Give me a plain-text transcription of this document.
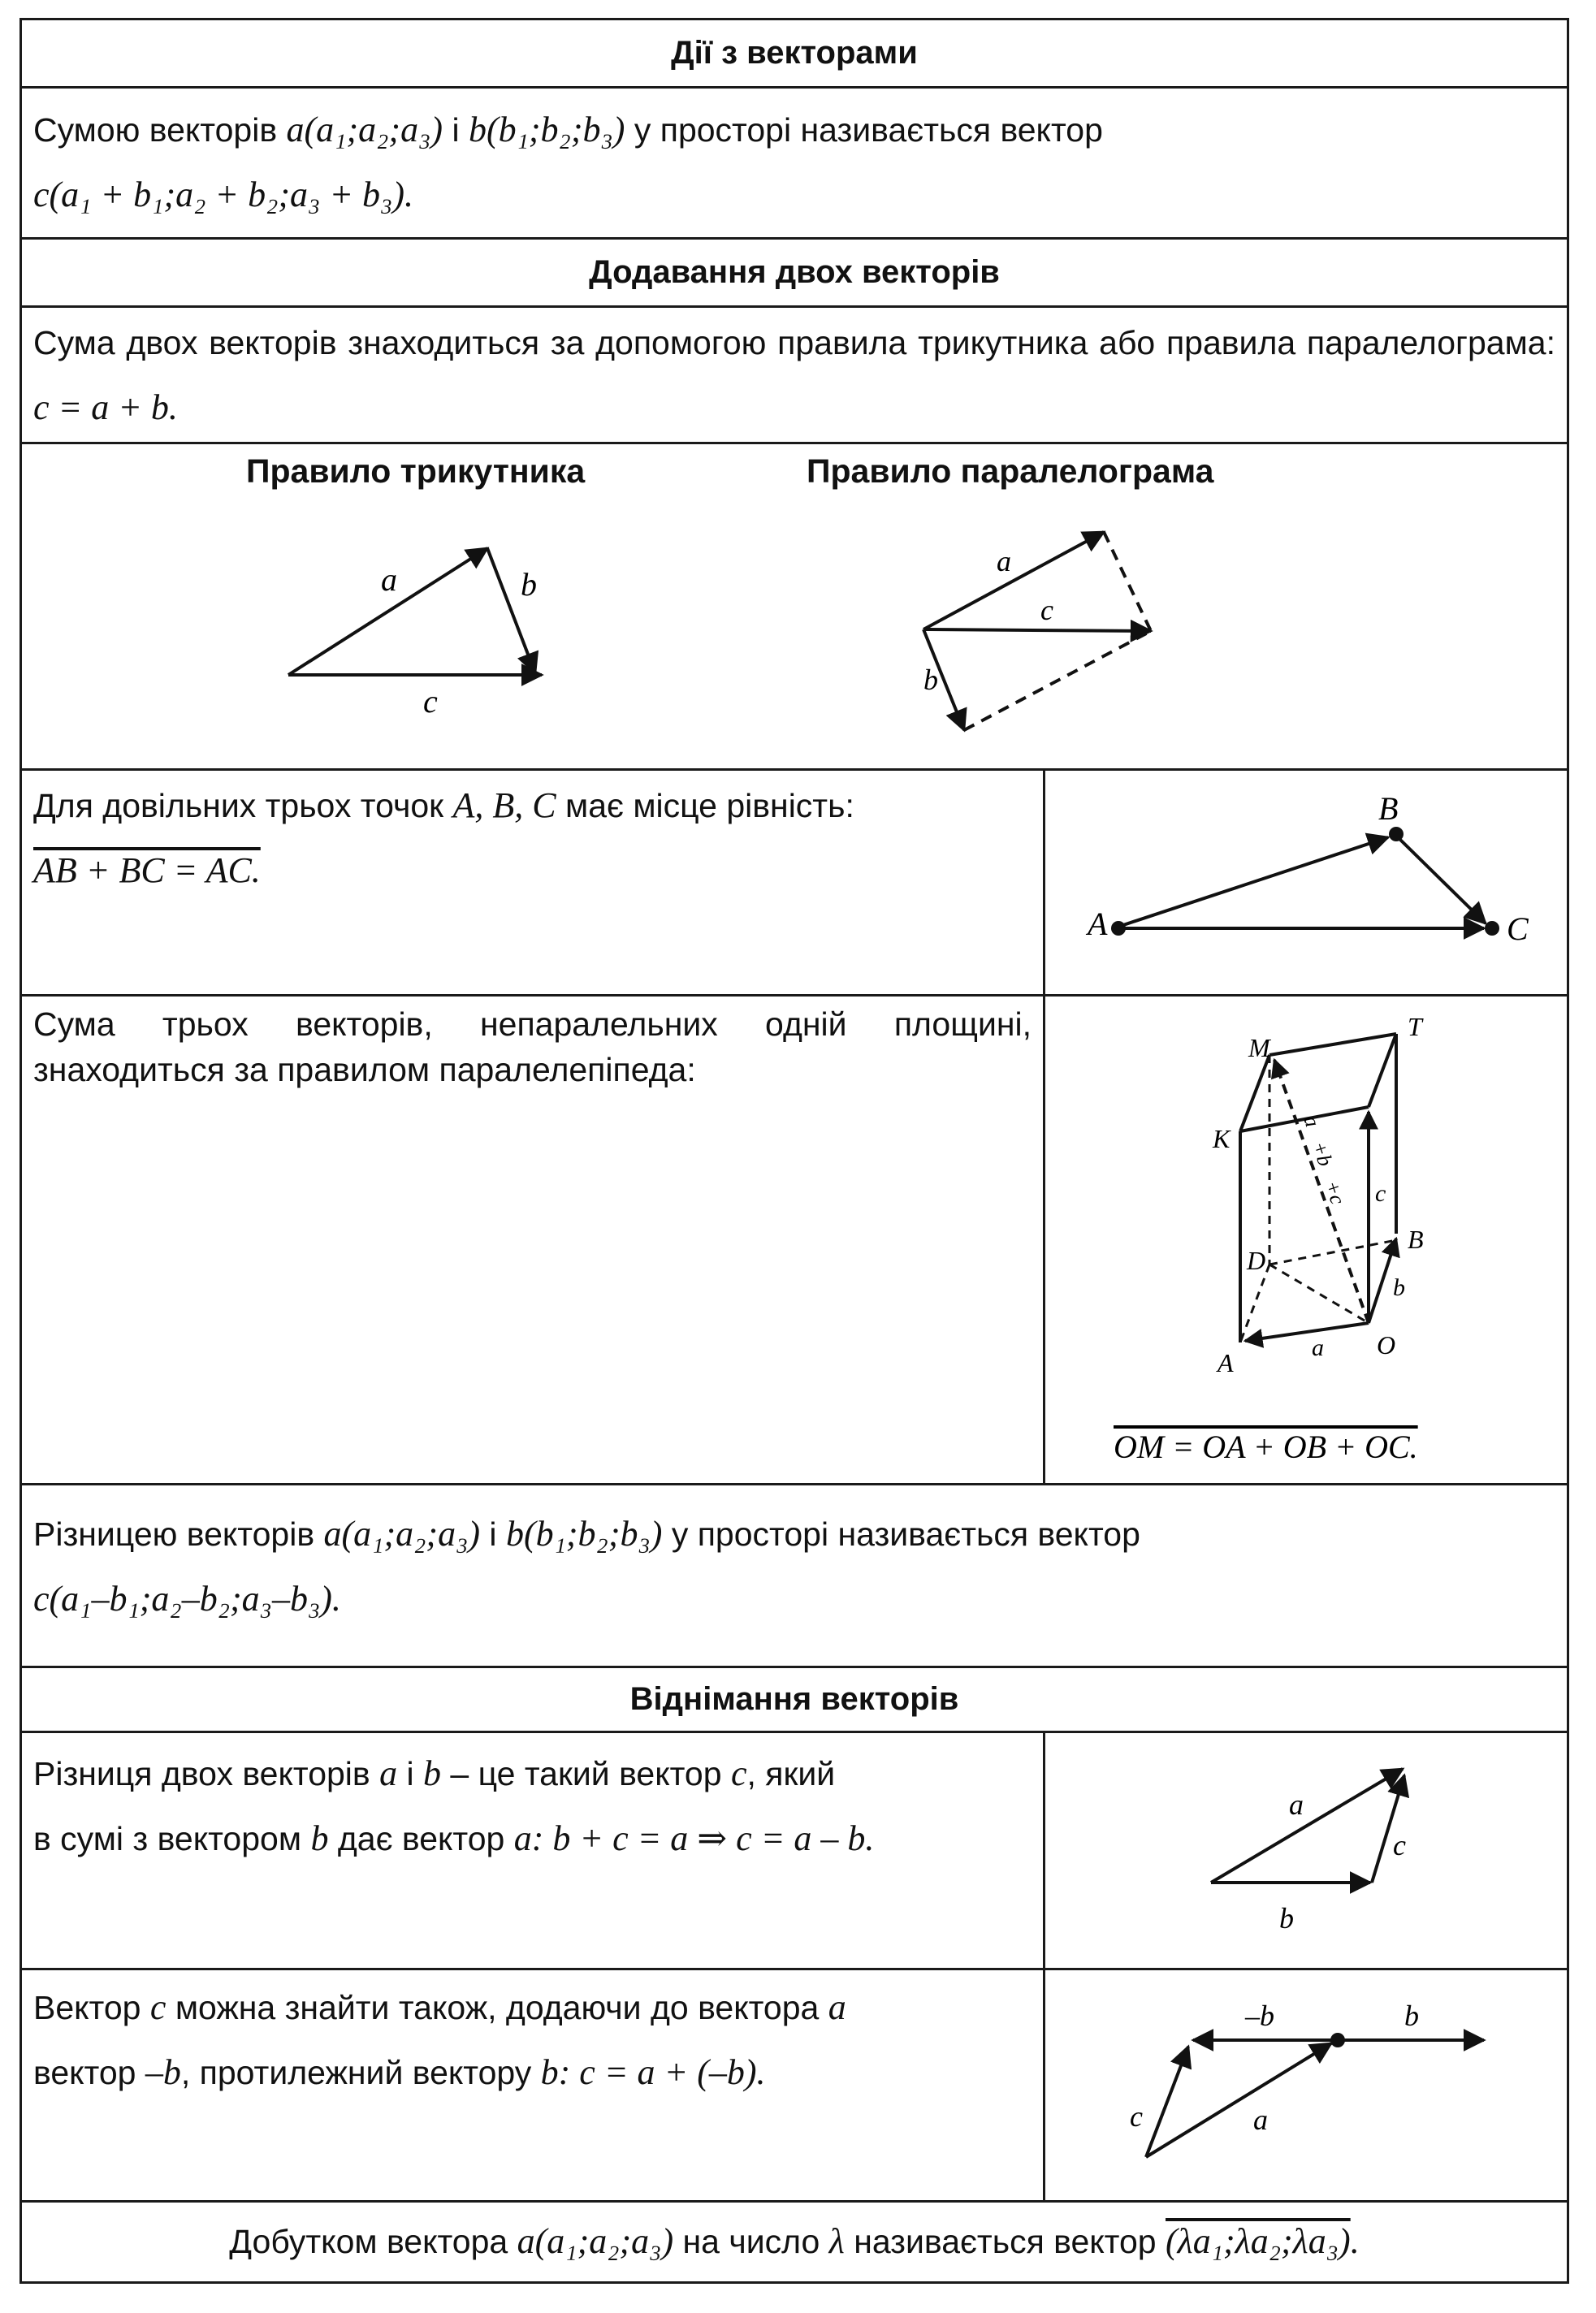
Дії з векторами
Сумою векторів a(a₁;a₂;a₃) і b(b₁;b₂;b₃) у просторі називається вектор
c(a₁ + b₁;a₂ + b₂;a₃ + b₃).
Додавання двох векторів
Сума двох векторів знаходиться за допомогою правила трикутника або правила паралелограма: c = a + b.
Правило трикутника	Правило паралелограма
a	b
c
a
c
b
Для довільних трьох точок A, B, C має місце рівність:
AB + BC = AC.
A
B
C
Сума трьох векторів, непаралельних одній площині, знаходиться за правилом паралелепіпеда:
M
T
K
D
B
O
A
a⃗
b⃗
c⃗
a⃗+b⃗+c⃗
OM = OA + OB + OC.
Різницею векторів a(a₁;a₂;a₃) і b(b₁;b₂;b₃) у просторі називається вектор
c(a₁–b₁;a₂–b₂;a₃–b₃).
Віднімання векторів
Різниця двох векторів a і b – це такий вектор c, який
в сумі з вектором b дає вектор a: b + c = a ⇒ c = a – b.
a⃗
b⃗
c⃗
Вектор c можна знайти також, додаючи до вектора a
вектор –b, протилежний вектору b: c = a + (–b).
–b⃗	b⃗
c⃗	a⃗
Добутком вектора a(a₁;a₂;a₃) на число λ називається вектор (λa₁;λa₂;λa₃).
